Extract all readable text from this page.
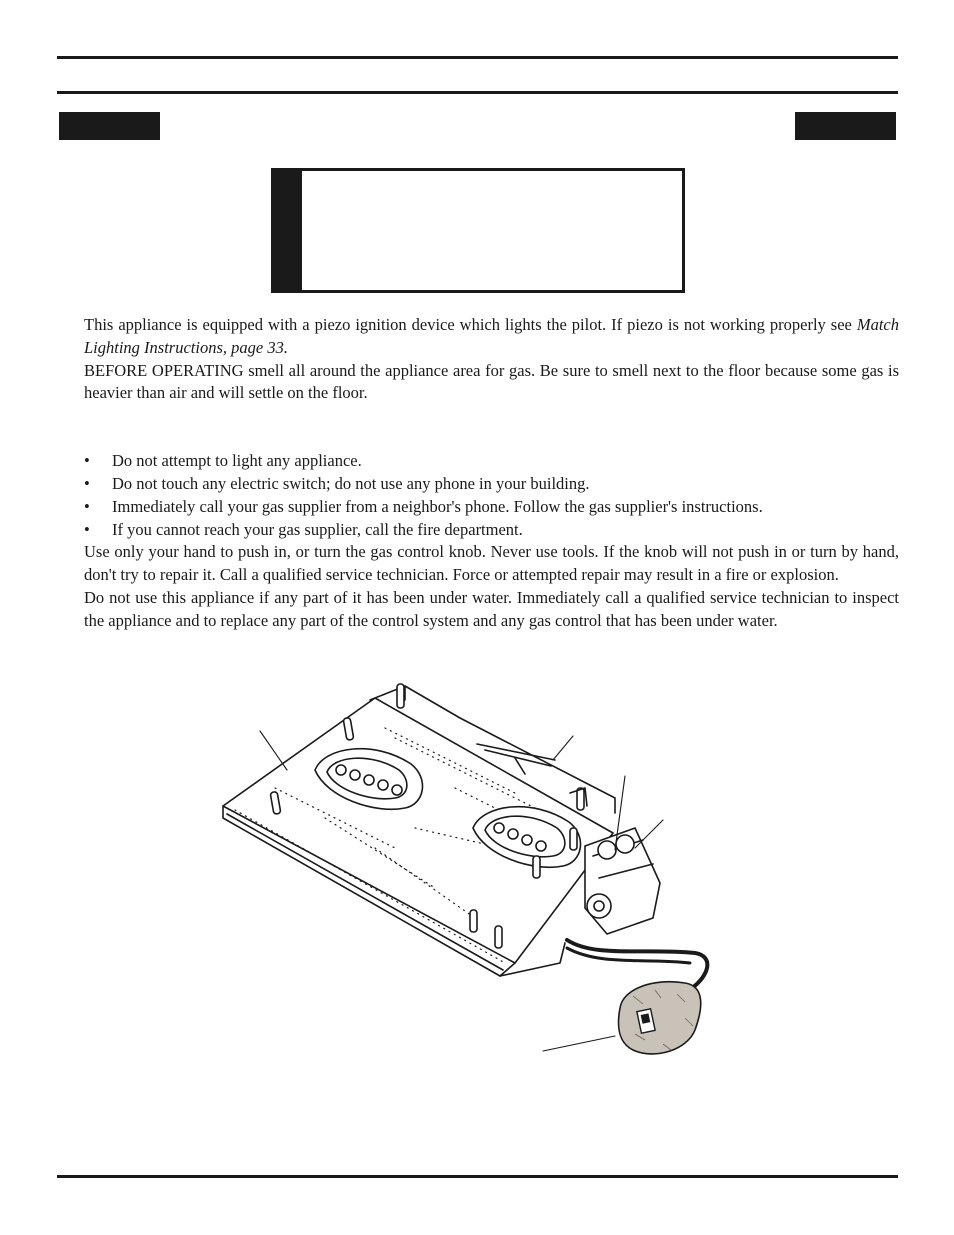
This appliance is equipped with a piezo ignition device which lights the pilot. If piezo is not working properly see Match Lighting Instructions, page 33.

BEFORE OPERATING smell all around the appliance area for gas. Be sure to smell next to the floor because some gas is heavier than air and will settle on the floor.

• Do not attempt to light any appliance.
• Do not touch any electric switch; do not use any phone in your building.
• Immediately call your gas supplier from a neighbor's phone. Follow the gas supplier's instructions.
• If you cannot reach your gas supplier, call the fire department.

Use only your hand to push in, or turn the gas control knob. Never use tools. If the knob will not push in or turn by hand, don't try to repair it. Call a qualified service technician. Force or attempted repair may result in a fire or explosion.

Do not use this appliance if any part of it has been under water. Immediately call a qualified service technician to inspect the appliance and to replace any part of the control system and any gas control that has been under water.
